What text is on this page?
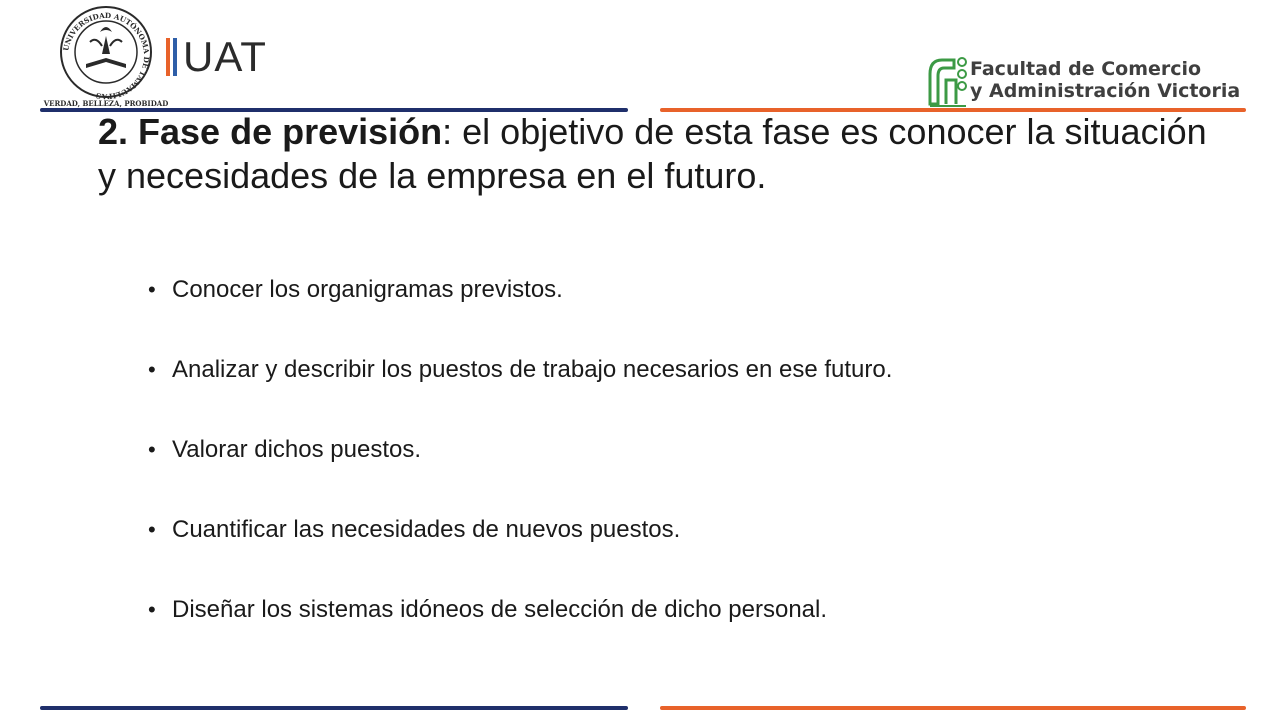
UNIVERSIDAD AUTÓNOMA DE TAMAULIPAS
VERDAD, BELLEZA, PROBIDAD
UAT	Facultad de Comercio
y Administración Victoria

2. Fase de previsión: el objetivo de esta fase es conocer la situación y necesidades de la empresa en el futuro.

• Conocer los organigramas previstos.
• Analizar y describir los puestos de trabajo necesarios en ese futuro.
• Valorar dichos puestos.
• Cuantificar las necesidades de nuevos puestos.
• Diseñar los sistemas idóneos de selección de dicho personal.
